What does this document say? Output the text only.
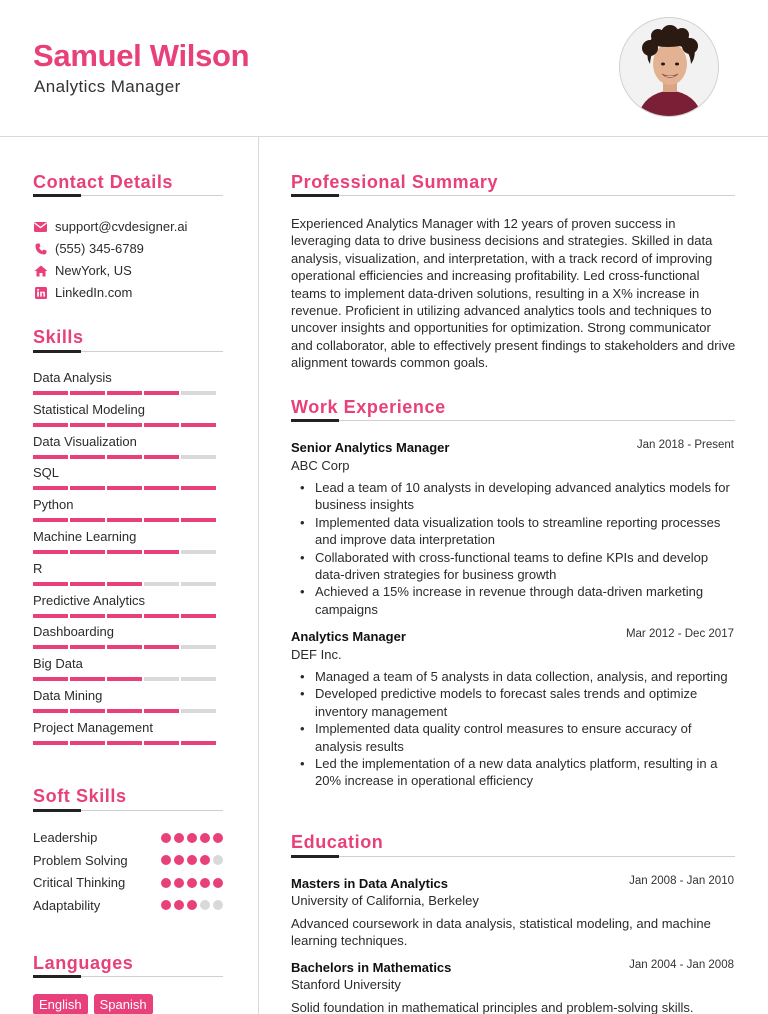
Samuel Wilson
Analytics Manager
Contact Details
support@cvdesigner.ai
(555) 345-6789
NewYork, US
LinkedIn.com
Skills
Data Analysis
Statistical Modeling
Data Visualization
SQL
Python
Machine Learning
R
Predictive Analytics
Dashboarding
Big Data
Data Mining
Project Management
Soft Skills
Leadership
Problem Solving
Critical Thinking
Adaptability
Languages
English	Spanish
Professional Summary
Experienced Analytics Manager with 12 years of proven success in leveraging data to drive business decisions and strategies. Skilled in data analysis, visualization, and interpretation, with a track record of improving operational efficiencies and increasing profitability. Led cross-functional teams to implement data-driven solutions, resulting in a X% increase in revenue. Proficient in utilizing advanced analytics tools and techniques to uncover insights and opportunities for optimization. Strong communicator and collaborator, able to effectively present findings to stakeholders and drive alignment towards common goals.
Work Experience
Senior Analytics Manager	Jan 2018 - Present
ABC Corp
• Lead a team of 10 analysts in developing advanced analytics models for business insights
• Implemented data visualization tools to streamline reporting processes and improve data interpretation
• Collaborated with cross-functional teams to define KPIs and develop data-driven strategies for business growth
• Achieved a 15% increase in revenue through data-driven marketing campaigns
Analytics Manager	Mar 2012 - Dec 2017
DEF Inc.
• Managed a team of 5 analysts in data collection, analysis, and reporting
• Developed predictive models to forecast sales trends and optimize inventory management
• Implemented data quality control measures to ensure accuracy of analysis results
• Led the implementation of a new data analytics platform, resulting in a 20% increase in operational efficiency
Education
Masters in Data Analytics	Jan 2008 - Jan 2010
University of California, Berkeley
Advanced coursework in data analysis, statistical modeling, and machine learning techniques.
Bachelors in Mathematics	Jan 2004 - Jan 2008
Stanford University
Solid foundation in mathematical principles and problem-solving skills.
